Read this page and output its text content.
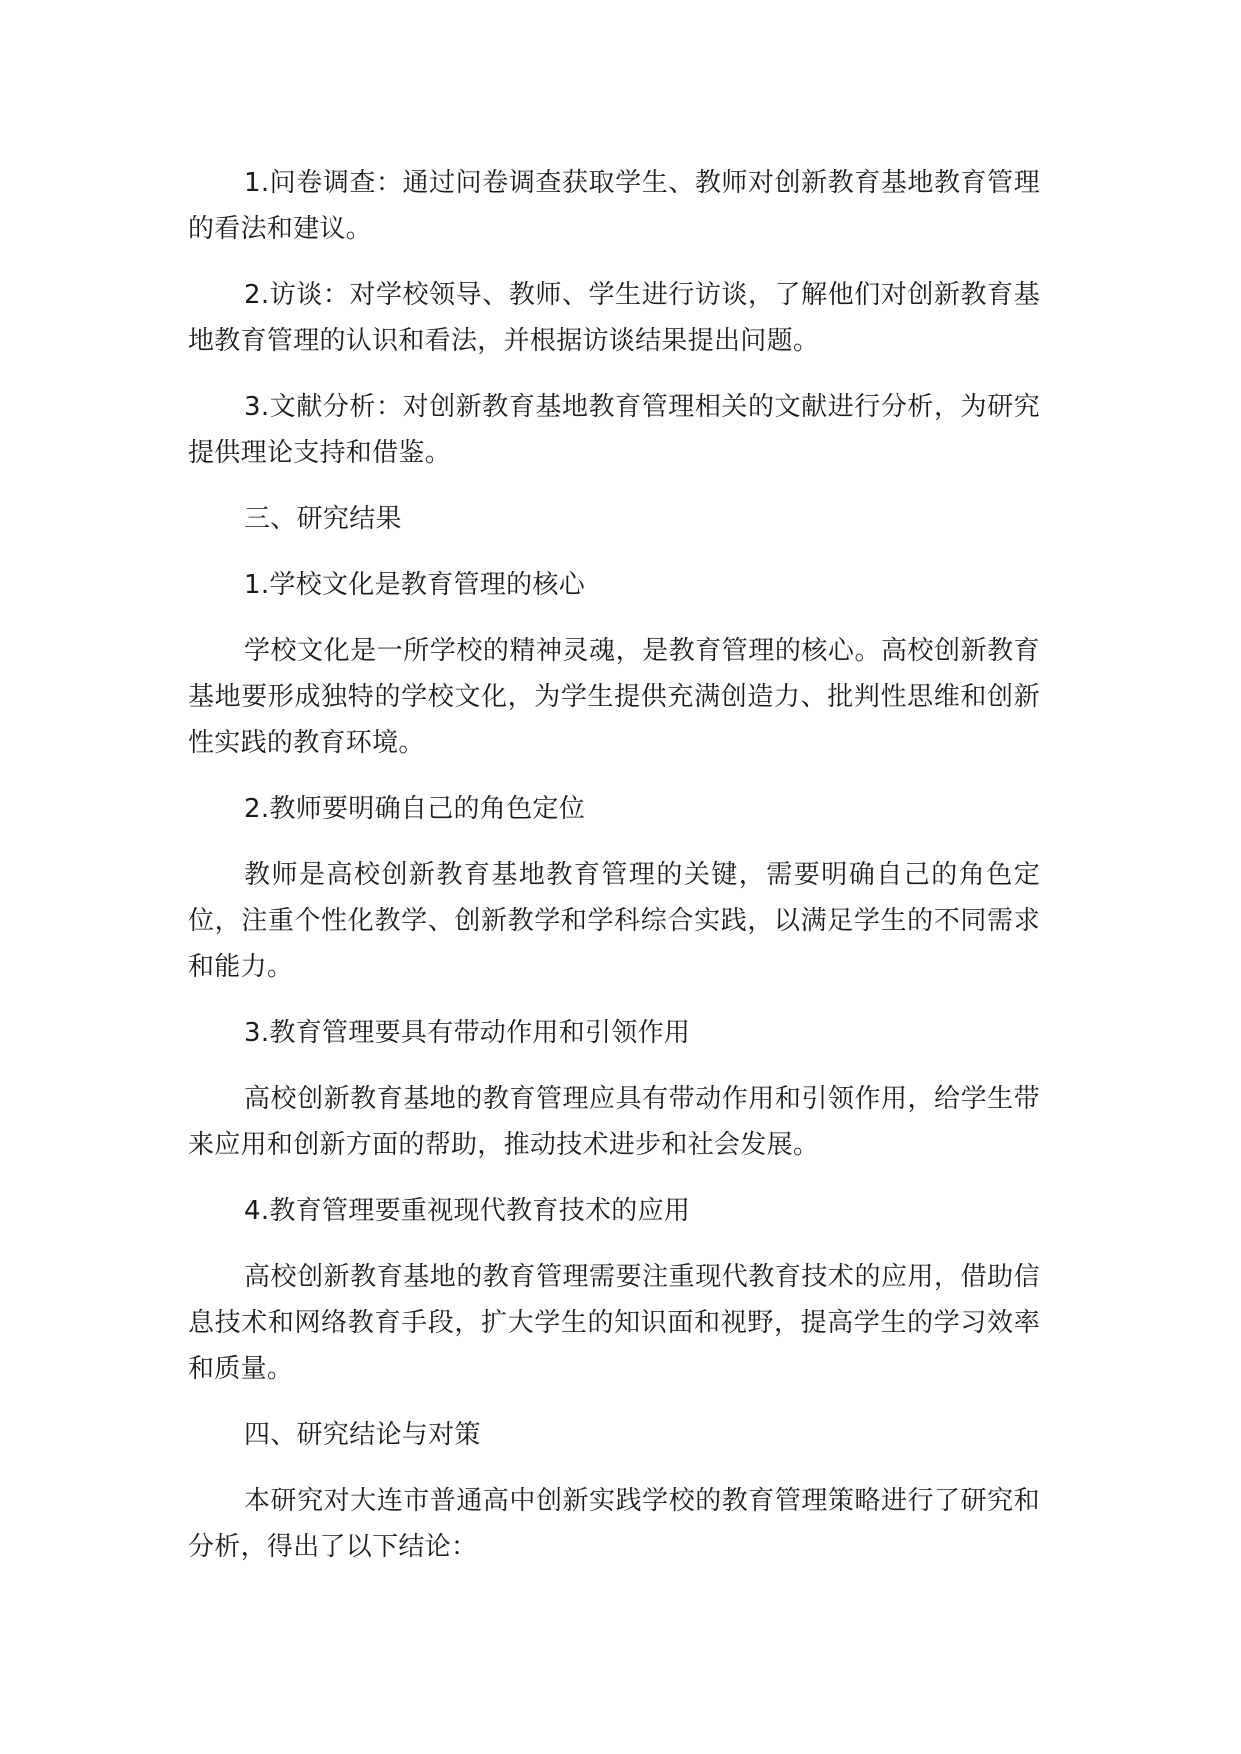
1.问卷调查：通过问卷调查获取学生、教师对创新教育基地教育管理的看法和建议。

2.访谈：对学校领导、教师、学生进行访谈，了解他们对创新教育基地教育管理的认识和看法，并根据访谈结果提出问题。

3.文献分析：对创新教育基地教育管理相关的文献进行分析，为研究提供理论支持和借鉴。

三、研究结果

1.学校文化是教育管理的核心

学校文化是一所学校的精神灵魂，是教育管理的核心。高校创新教育基地要形成独特的学校文化，为学生提供充满创造力、批判性思维和创新性实践的教育环境。

2.教师要明确自己的角色定位

教师是高校创新教育基地教育管理的关键，需要明确自己的角色定位，注重个性化教学、创新教学和学科综合实践，以满足学生的不同需求和能力。

3.教育管理要具有带动作用和引领作用

高校创新教育基地的教育管理应具有带动作用和引领作用，给学生带来应用和创新方面的帮助，推动技术进步和社会发展。

4.教育管理要重视现代教育技术的应用

高校创新教育基地的教育管理需要注重现代教育技术的应用，借助信息技术和网络教育手段，扩大学生的知识面和视野，提高学生的学习效率和质量。

四、研究结论与对策

本研究对大连市普通高中创新实践学校的教育管理策略进行了研究和分析，得出了以下结论：
